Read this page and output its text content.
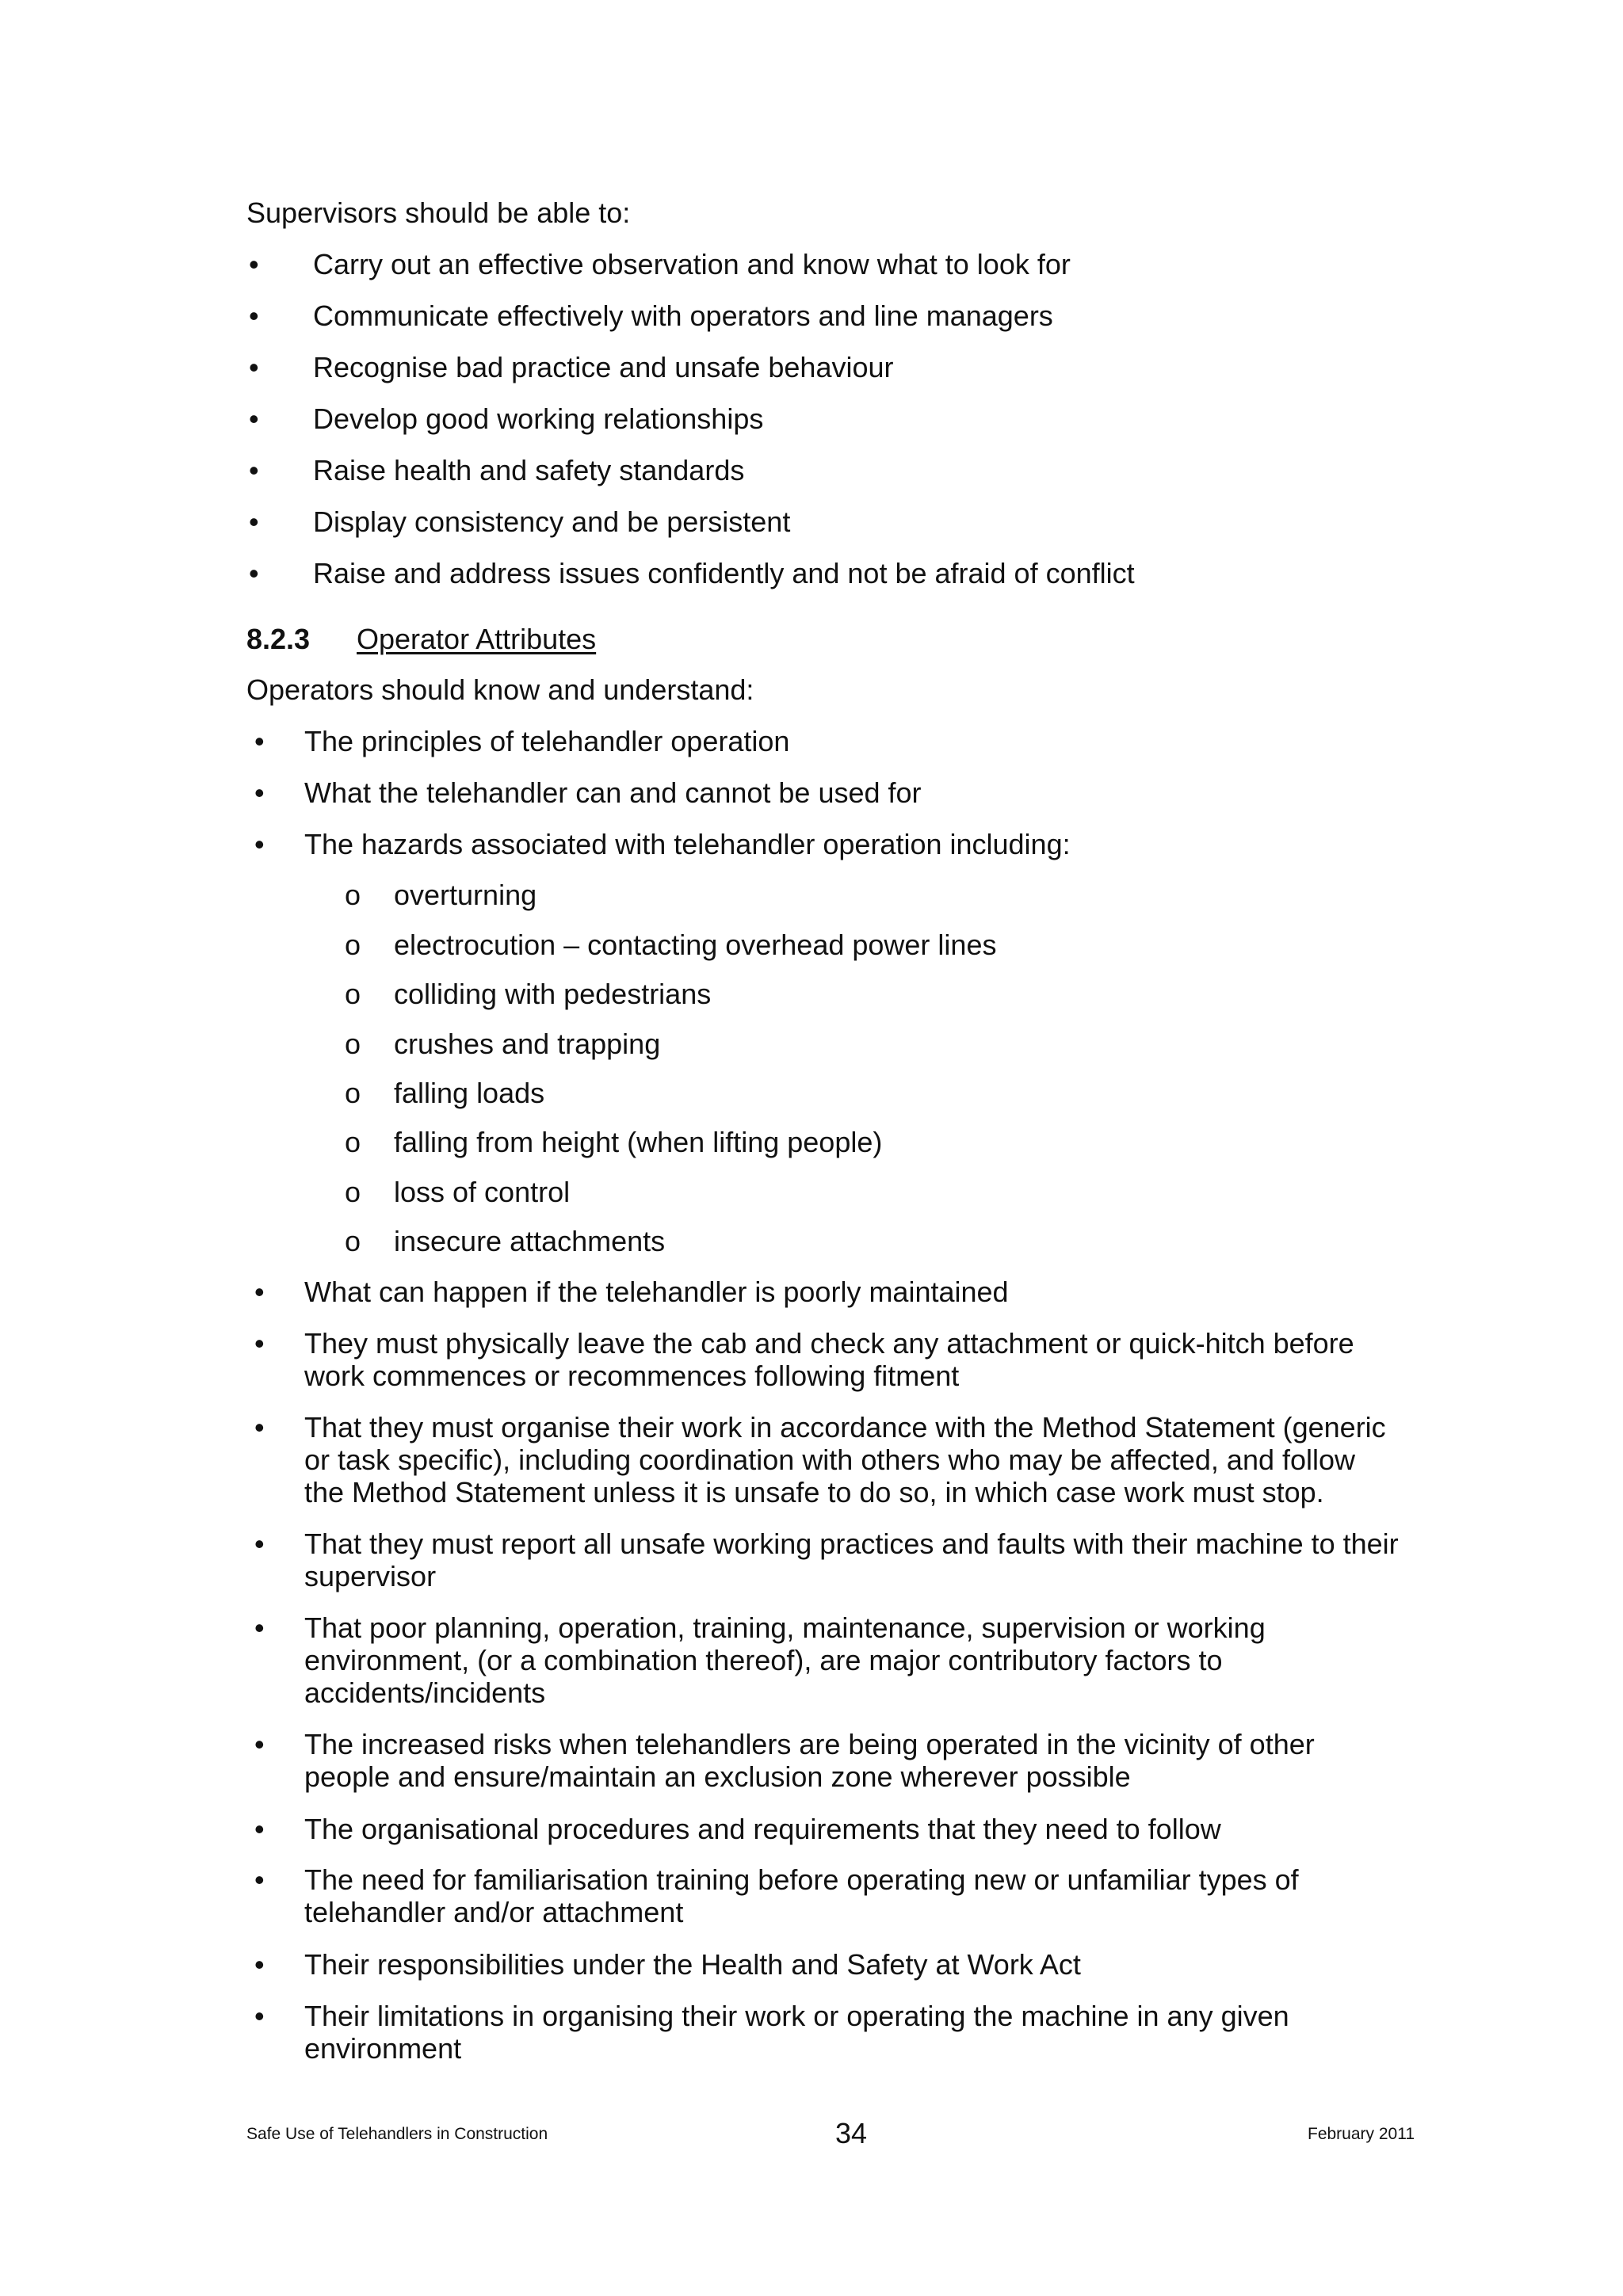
Supervisors should be able to:
• Carry out an effective observation and know what to look for
• Communicate effectively with operators and line managers
• Recognise bad practice and unsafe behaviour
• Develop good working relationships
• Raise health and safety standards
• Display consistency and be persistent
• Raise and address issues confidently and not be afraid of conflict
8.2.3 Operator Attributes
Operators should know and understand:
• The principles of telehandler operation
• What the telehandler can and cannot be used for
• The hazards associated with telehandler operation including:
o overturning
o electrocution – contacting overhead power lines
o colliding with pedestrians
o crushes and trapping
o falling loads
o falling from height (when lifting people)
o loss of control
o insecure attachments
• What can happen if the telehandler is poorly maintained
• They must physically leave the cab and check any attachment or quick-hitch before
work commences or recommences following fitment
• That they must organise their work in accordance with the Method Statement (generic
or task specific), including coordination with others who may be affected, and follow
the Method Statement unless it is unsafe to do so, in which case work must stop.
• That they must report all unsafe working practices and faults with their machine to their
supervisor
• That poor planning, operation, training, maintenance, supervision or working
environment, (or a combination thereof), are major contributory factors to
accidents/incidents
• The increased risks when telehandlers are being operated in the vicinity of other
people and ensure/maintain an exclusion zone wherever possible
• The organisational procedures and requirements that they need to follow
• The need for familiarisation training before operating new or unfamiliar types of
telehandler and/or attachment
• Their responsibilities under the Health and Safety at Work Act
• Their limitations in organising their work or operating the machine in any given
environment
Safe Use of Telehandlers in Construction	34	February 2011
